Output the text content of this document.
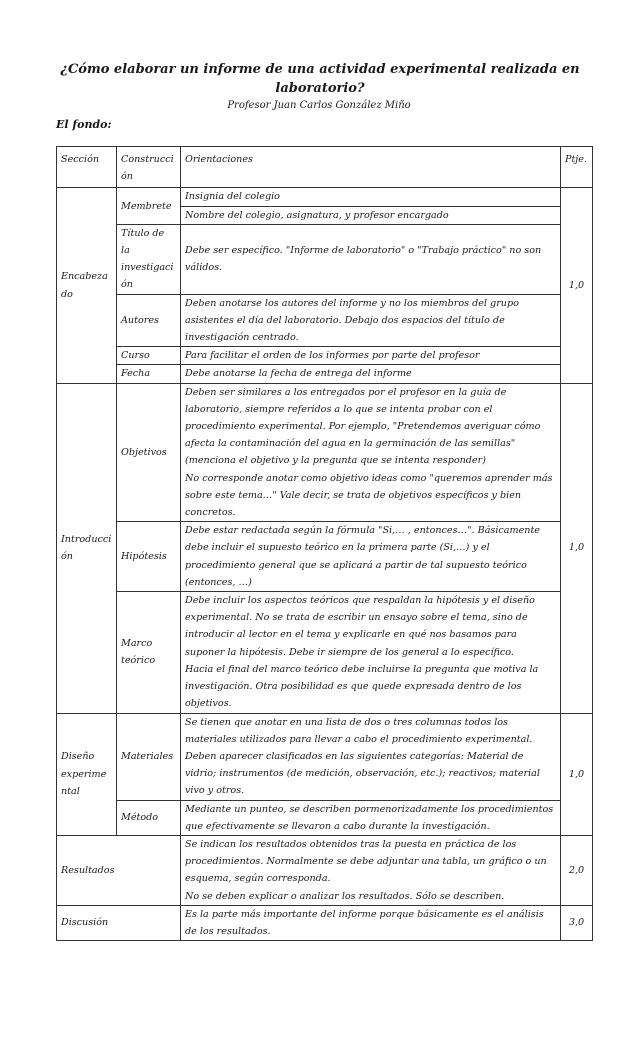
¿Cómo elaborar un informe de una actividad experimental realizada en laboratorio?
Profesor Juan Carlos González Miño
El fondo:
Sección	Construcción	Orientaciones	Ptje.
Encabezado	Membrete	Insignia del colegio	1,0
		Nombre del colegio, asignatura, y profesor encargado	
	Título de la investigación	Debe ser específico. "Informe de laboratorio" o "Trabajo práctico" no son válidos.	
	Autores	Deben anotarse los autores del informe y no los miembros del grupo asistentes el día del laboratorio. Debajo dos espacios del título de investigación centrado.	
	Curso	Para facilitar el orden de los informes por parte del profesor	
	Fecha	Debe anotarse la fecha de entrega del informe	
Introducción	Objetivos	Deben ser similares a los entregados por el profesor en la guía de laboratorio, siempre referidos a lo que se intenta probar con el procedimiento experimental. Por ejemplo, "Pretendemos averiguar cómo afecta la contaminación del agua en la germinación de las semillas" (menciona el objetivo y la pregunta que se intenta responder)
No corresponde anotar como objetivo ideas como "queremos aprender más sobre este tema…" Vale decir, se trata de objetivos específicos y bien concretos.	1,0
	Hipótesis	Debe estar redactada según la fórmula "Si,… , entonces…". Básicamente debe incluir el supuesto teórico en la primera parte (Si,…) y el procedimiento general que se aplicará a partir de tal supuesto teórico (entonces, …)	
	Marco teórico	Debe incluir los aspectos teóricos que respaldan la hipótesis y el diseño experimental. No se trata de escribir un ensayo sobre el tema, sino de introducir al lector en el tema y explicarle en qué nos basamos para suponer la hipótesis. Debe ir siempre de los general a lo específico.
Hacia el final del marco teórico debe incluirse la pregunta que motiva la investigación. Otra posibilidad es que quede expresada dentro de los objetivos.	
Diseño experimental	Materiales	Se tienen que anotar en una lista de dos o tres columnas todos los materiales utilizados para llevar a cabo el procedimiento experimental. Deben aparecer clasificados en las siguientes categorías: Material de vidrio; instrumentos (de medición, observación, etc.); reactivos; material vivo y otros.	1,0
	Método	Mediante un punteo, se describen pormenorizadamente los procedimientos que efectivamente se llevaron a cabo durante la investigación.	
Resultados		Se indican los resultados obtenidos tras la puesta en práctica de los procedimientos. Normalmente se debe adjuntar una tabla, un gráfico o un esquema, según corresponda.
No se deben explicar o analizar los resultados. Sólo se describen.	2,0
Discusión		Es la parte más importante del informe porque básicamente es el análisis de los resultados.	3,0
